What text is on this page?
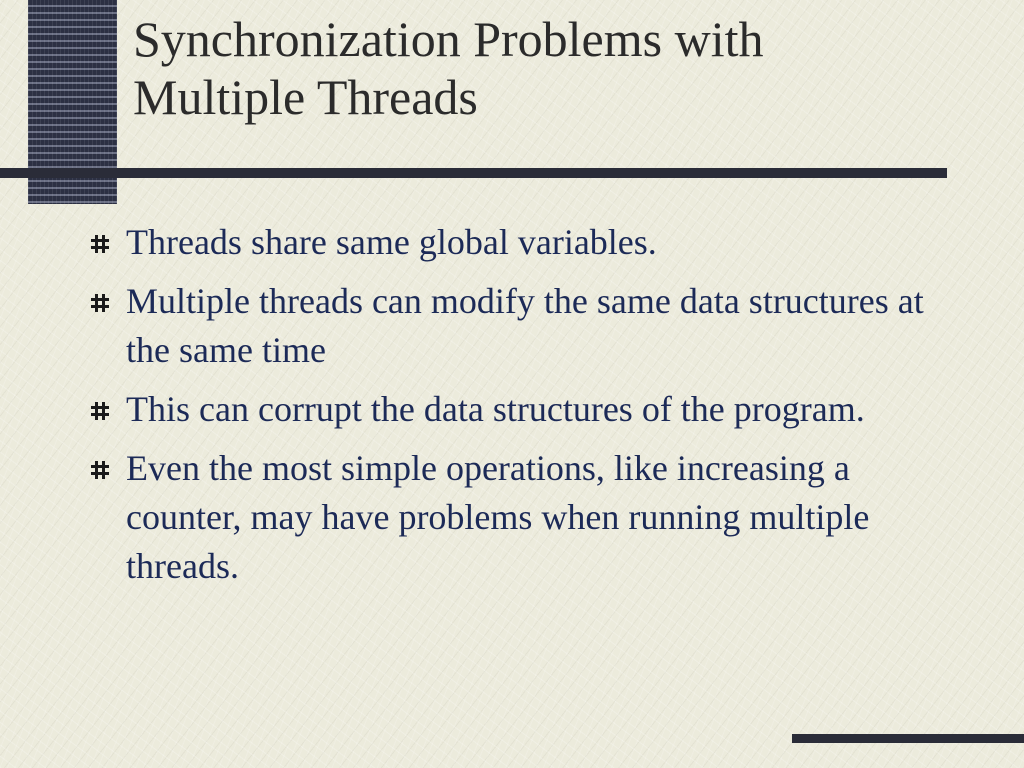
Synchronization Problems with
Multiple Threads
Threads share same global variables.
Multiple threads can modify the same data structures at the same time
This can corrupt the data structures of the program.
Even the most simple operations, like increasing a counter, may have problems when running multiple threads.
